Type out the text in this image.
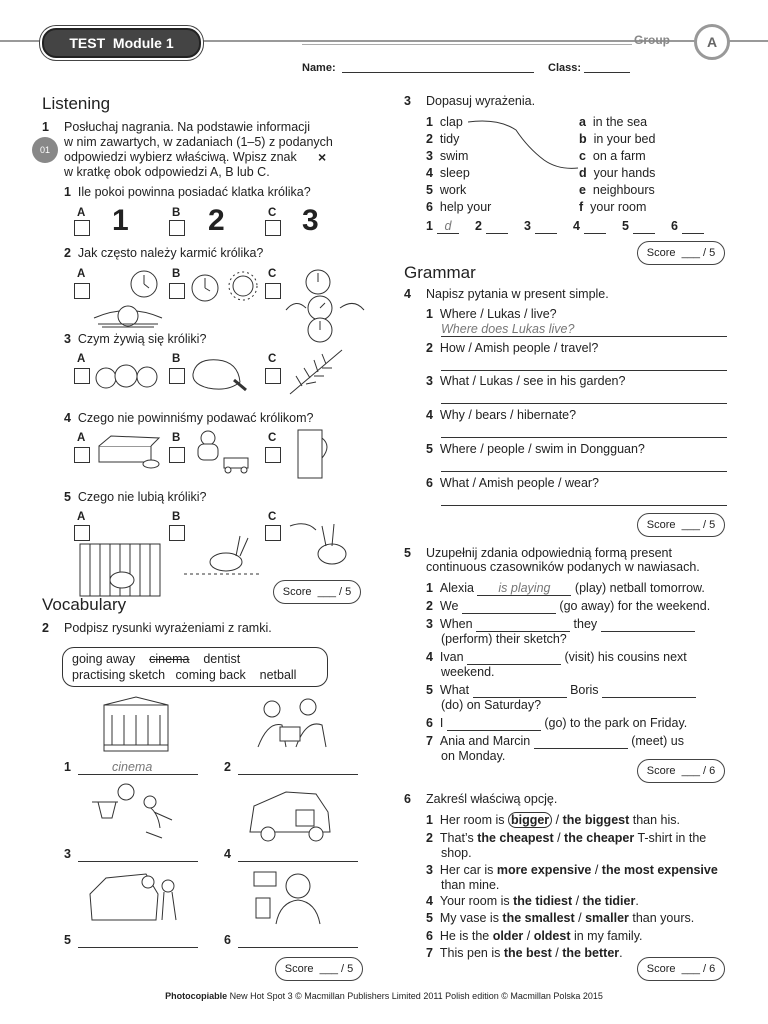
TEST  Module 1	Group	A
Name:	Class:
Listening
1
01
Posłuchaj nagrania. Na podstawie informacji
w nim zawartych, w zadaniach (1–5) z podanych
odpowiedzi wybierz właściwą. Wpisz znak ×
w kratkę obok odpowiedzi A, B lub C.
1 Ile pokoi powinna posiadać klatka królika?
A 1	B 2	C 3
2 Jak często należy karmić królika?
A	B	C
3 Czym żywią się króliki?
A	B	C
4 Czego nie powinniśmy podawać królikom?
A	B	C
5 Czego nie lubią króliki?
A	B	C
Score  ___ / 5
Vocabulary
2 Podpisz rysunki wyrażeniami z ramki.
going away cinema dentist
practising sketch coming back netball
1	cinema	2
3	4
5	6
Score  ___ / 5
3 Dopasuj wyrażenia.
1  clap
2  tidy
3  swim
4  sleep
5  work
6  help your
a  in the sea
b  in your bed
c  on a farm
d  your hands
e  neighbours
f  your room
1 d	2	3	4	5	6
Score  ___ / 5
Grammar
4 Napisz pytania w present simple.
1  Where / Lukas / live?
Where does Lukas live?
2  How / Amish people / travel?
3  What / Lukas / see in his garden?
4  Why / bears / hibernate?
5  Where / people / swim in Dongguan?
6  What / Amish people / wear?
Score  ___ / 5
5 Uzupełnij zdania odpowiednią formą present
continuous czasowników podanych w nawiasach.
1 Alexia is playing (play) netball tomorrow.
2 We	(go away) for the weekend.
3 When	they
(perform) their sketch?
4 Ivan	(visit) his cousins next
weekend.
5 What	Boris
(do) on Saturday?
6 I	(go) to the park on Friday.
7 Ania and Marcin	(meet) us
on Monday.
Score  ___ / 6
6 Zakreśl właściwą opcję.
1  Her room is bigger / the biggest than his.
2  That’s the cheapest / the cheaper T-shirt in the
shop.
3  Her car is more expensive / the most expensive
than mine.
4  Your room is the tidiest / the tidier.
5  My vase is the smallest / smaller than yours.
6  He is the older / oldest in my family.
7  This pen is the best / the better.
Score  ___ / 6
Photocopiable New Hot Spot 3 © Macmillan Publishers Limited 2011 Polish edition © Macmillan Polska 2015
